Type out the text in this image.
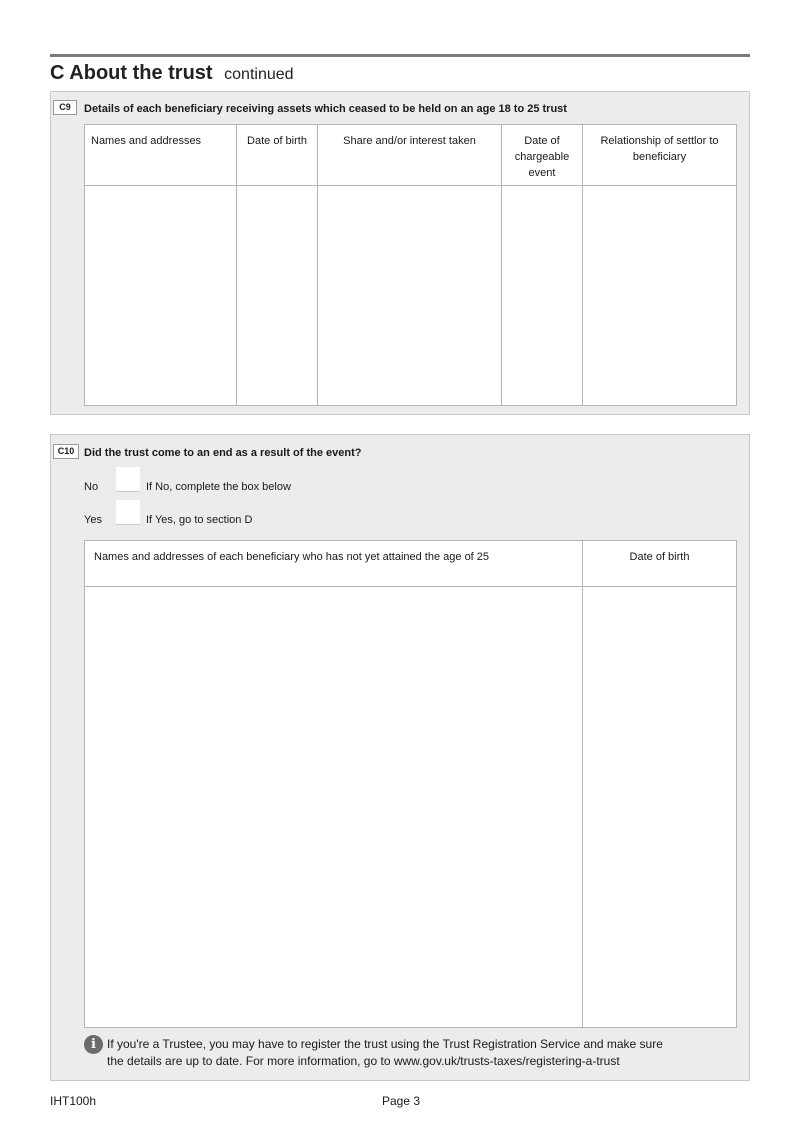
C About the trust continued
C9	Details of each beneficiary receiving assets which ceased to be held on an age 18 to 25 trust
Names and addresses	Date of birth	Share and/or interest taken	Date of chargeable event	Relationship of settlor to beneficiary

C10 Did the trust come to an end as a result of the event?
No	If No, complete the box below
Yes	If Yes, go to section D
Names and addresses of each beneficiary who has not yet attained the age of 25	Date of birth

i If you're a Trustee, you may have to register the trust using the Trust Registration Service and make sure
the details are up to date. For more information, go to www.gov.uk/trusts-taxes/registering-a-trust
IHT100h	Page 3
